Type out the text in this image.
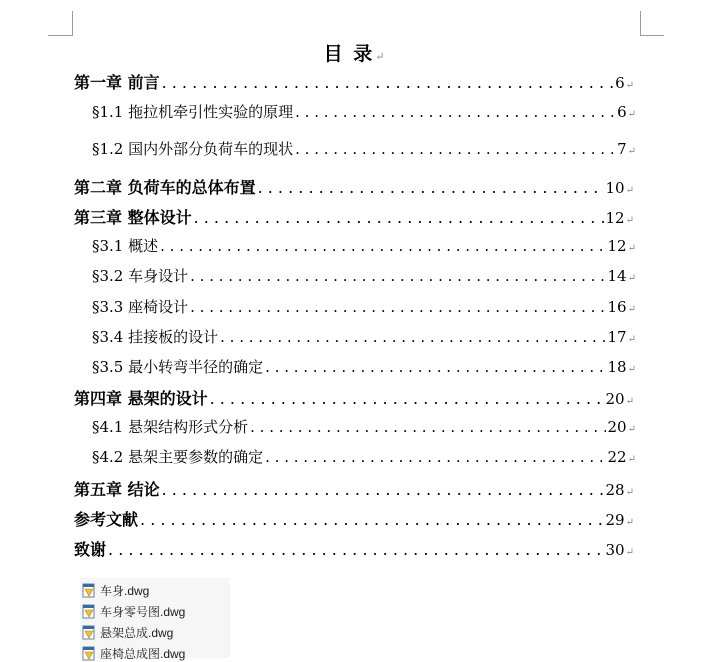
目 录↵
第一章 前言 . . .	6 ↵
§1.1 拖拉机牵引性实验的原理 . . .	6 ↵
§1.2 国内外部分负荷车的现状 . . .	7 ↵
第二章 负荷车的总体布置 . . .	10 ↵
第三章 整体设计 . . .	12 ↵
§3.1 概述 . . .	12 ↵
§3.2 车身设计 . . .	14 ↵
§3.3 座椅设计 . . .	16 ↵
§3.4 挂接板的设计 . . .	17 ↵
§3.5 最小转弯半径的确定 . . .	18 ↵
第四章 悬架的设计 . . .	20 ↵
§4.1 悬架结构形式分析 . . .	20 ↵
§4.2 悬架主要参数的确定 . . .	22 ↵
第五章 结论 . . .	28 ↵
参考文献 . . .	29 ↵
致谢 . . .	30 ↵
车身.dwg
车身零号图.dwg
悬架总成.dwg
座椅总成图.dwg
